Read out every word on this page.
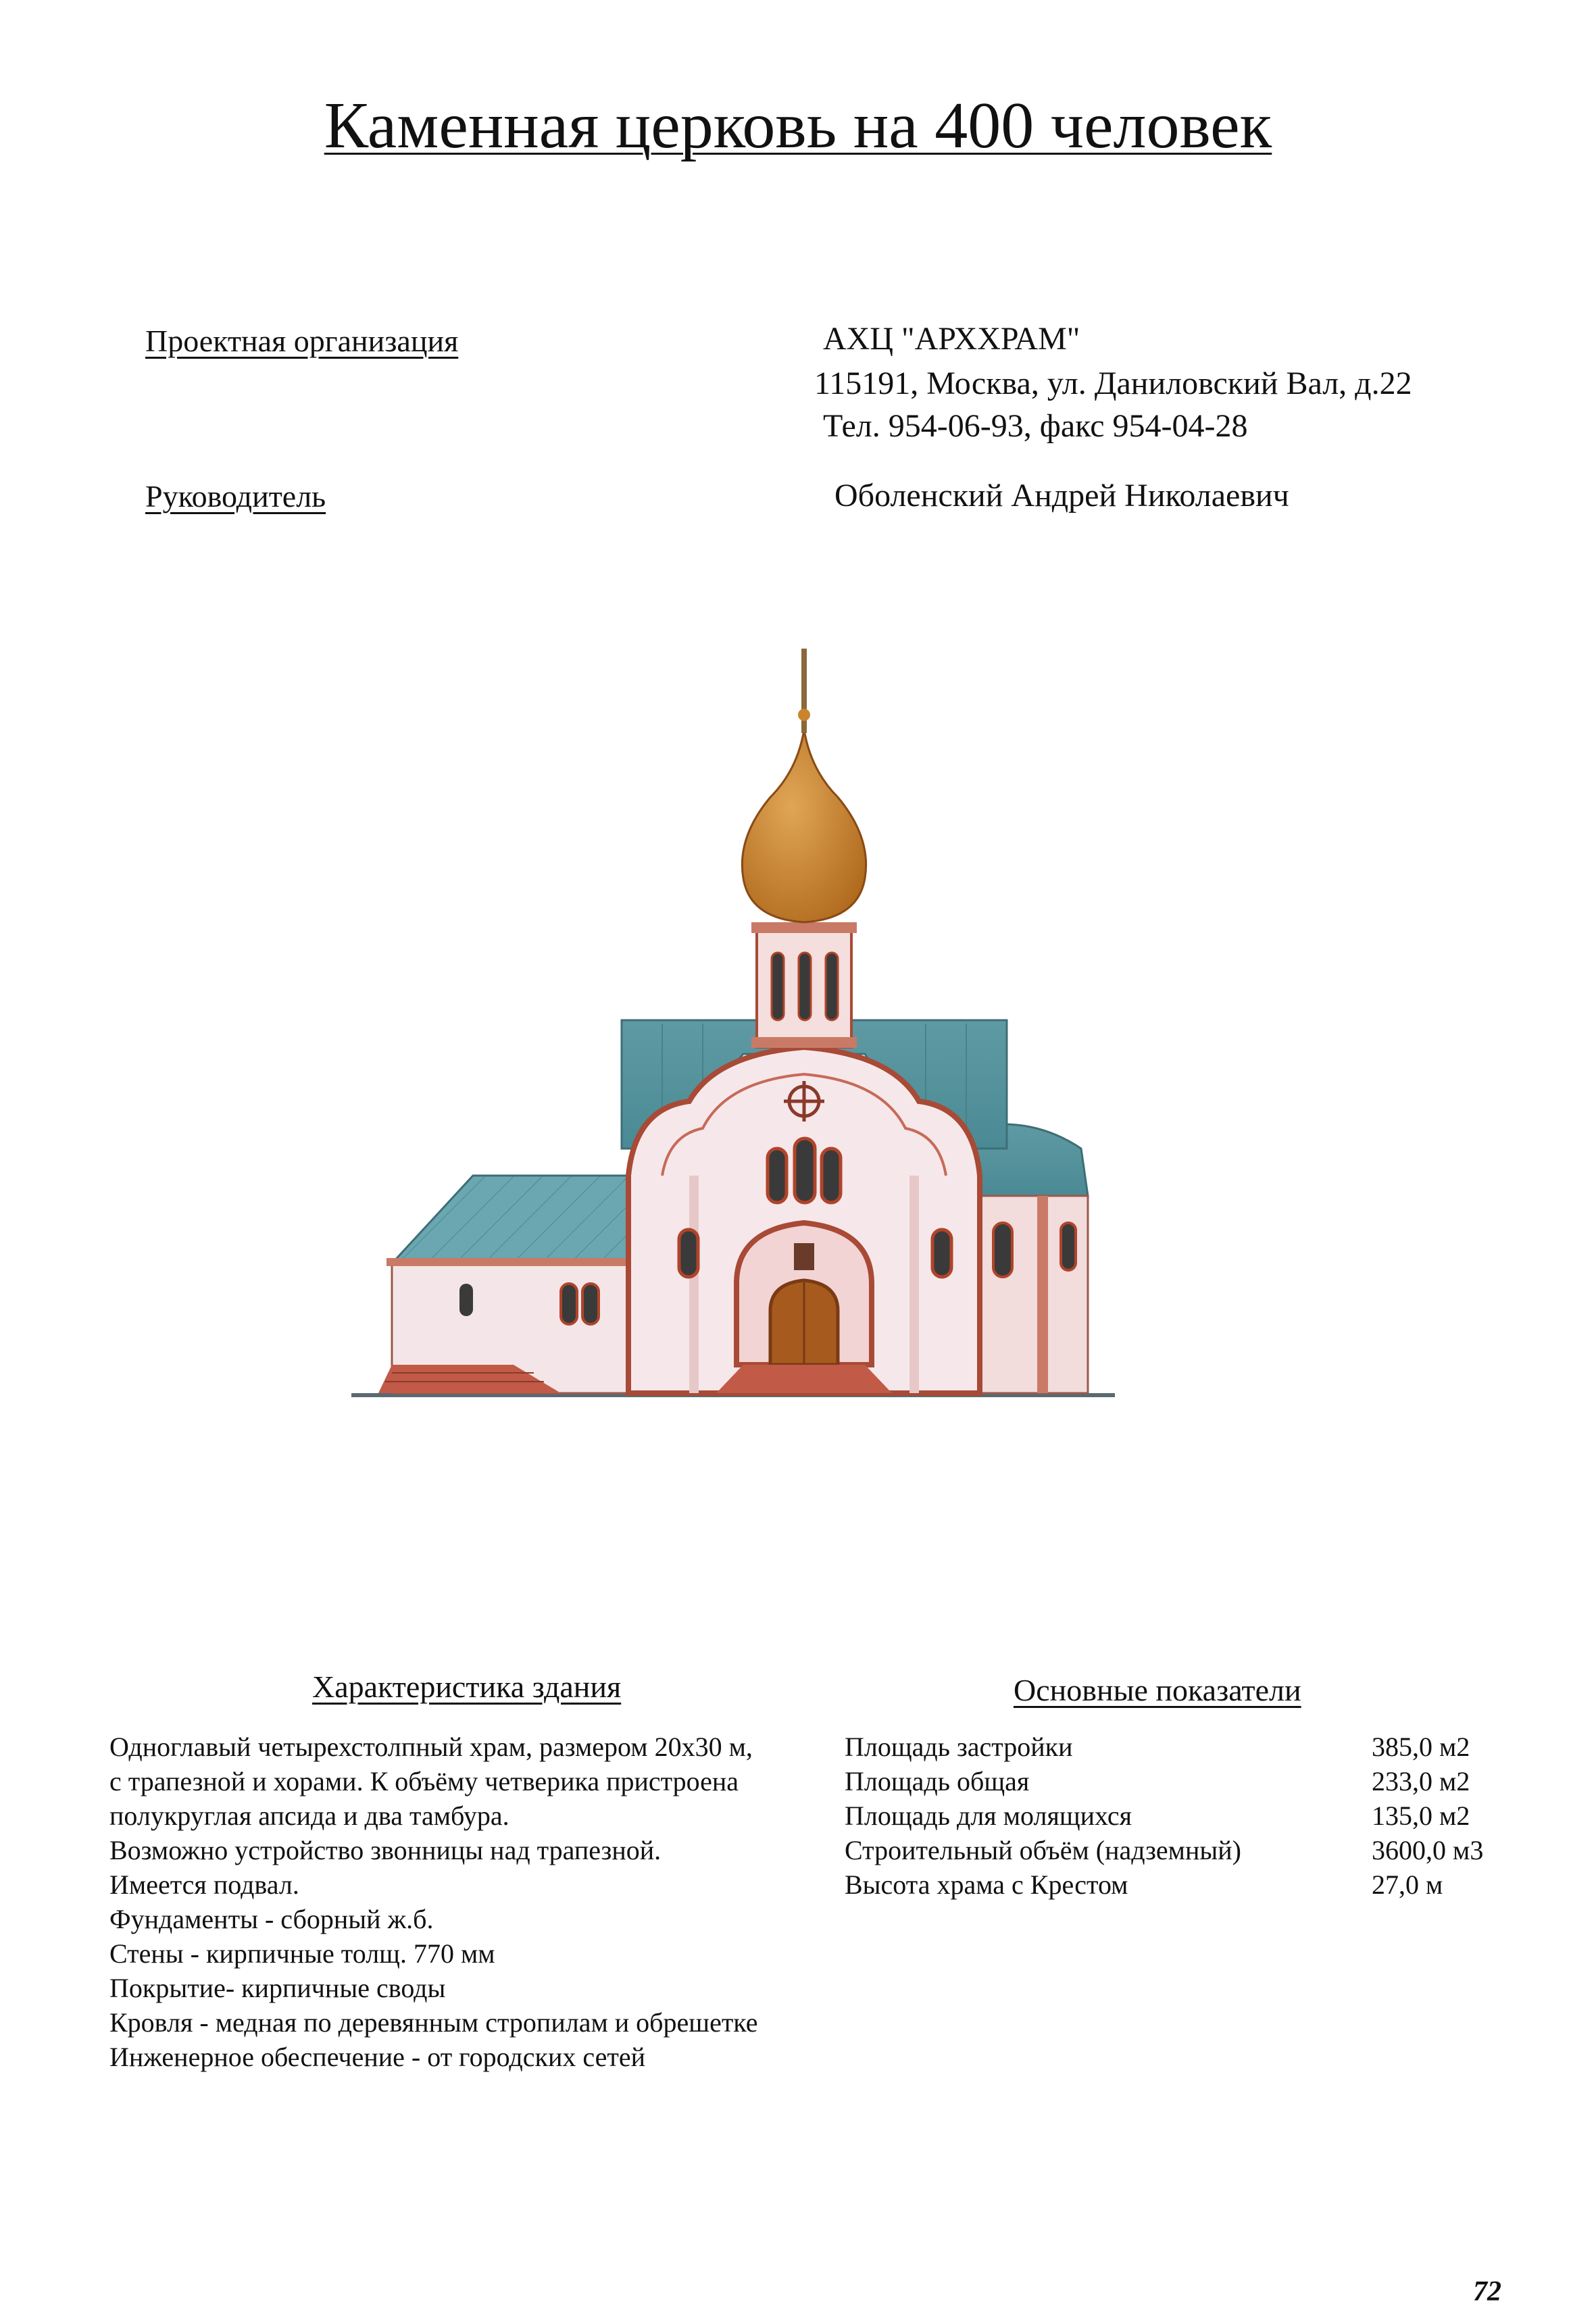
Каменная церковь на 400 человек
Проектная организация	АХЦ "АРХХРАМ"
115191, Москва, ул. Даниловский Вал, д.22
Тел. 954-06-93, факс 954-04-28
Руководитель	Оболенский Андрей Николаевич
Характеристика здания
Одноглавый четырехстолпный храм, размером 20х30 м,
с трапезной и хорами. К объёму четверика пристроена
полукруглая апсида и два тамбура.
Возможно устройство звонницы над трапезной.
Имеется подвал.
Фундаменты - сборный ж.б.
Стены - кирпичные толщ. 770 мм
Покрытие- кирпичные своды
Кровля - медная по деревянным стропилам и обрешетке
Инженерное обеспечение - от городских сетей
Основные показатели
Площадь застройки	385,0 м2
Площадь общая	233,0 м2
Площадь для молящихся	135,0 м2
Строительный объём (надземный)	3600,0 м3
Высота храма с Крестом	27,0 м
72
